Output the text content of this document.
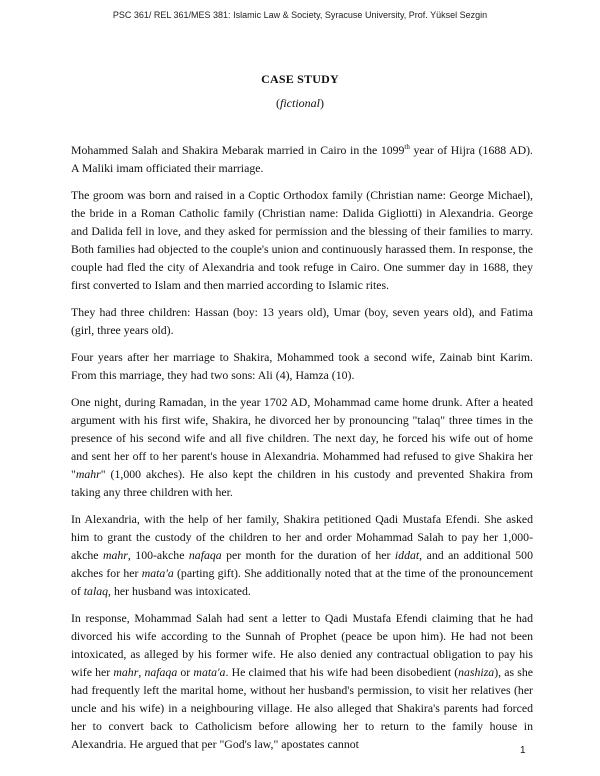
PSC 361/ REL 361/MES 381: Islamic Law & Society, Syracuse University, Prof. Yüksel Sezgin
CASE STUDY
(fictional)

Mohammed Salah and Shakira Mebarak married in Cairo in the 1099th year of Hijra (1688 AD). A Maliki imam officiated their marriage.

The groom was born and raised in a Coptic Orthodox family (Christian name: George Michael), the bride in a Roman Catholic family (Christian name: Dalida Gigliotti) in Alexandria. George and Dalida fell in love, and they asked for permission and the blessing of their families to marry. Both families had objected to the couple's union and continuously harassed them. In response, the couple had fled the city of Alexandria and took refuge in Cairo. One summer day in 1688, they first converted to Islam and then married according to Islamic rites.

They had three children: Hassan (boy: 13 years old), Umar (boy, seven years old), and Fatima (girl, three years old).

Four years after her marriage to Shakira, Mohammed took a second wife, Zainab bint Karim. From this marriage, they had two sons: Ali (4), Hamza (10).

One night, during Ramadan, in the year 1702 AD, Mohammad came home drunk. After a heated argument with his first wife, Shakira, he divorced her by pronouncing "talaq" three times in the presence of his second wife and all five children. The next day, he forced his wife out of home and sent her off to her parent's house in Alexandria. Mohammed had refused to give Shakira her "mahr" (1,000 akches). He also kept the children in his custody and prevented Shakira from taking any three children with her.

In Alexandria, with the help of her family, Shakira petitioned Qadi Mustafa Efendi. She asked him to grant the custody of the children to her and order Mohammad Salah to pay her 1,000-akche mahr, 100-akche nafaqa per month for the duration of her iddat, and an additional 500 akches for her mata'a (parting gift). She additionally noted that at the time of the pronouncement of talaq, her husband was intoxicated.

In response, Mohammad Salah had sent a letter to Qadi Mustafa Efendi claiming that he had divorced his wife according to the Sunnah of Prophet (peace be upon him). He had not been intoxicated, as alleged by his former wife. He also denied any contractual obligation to pay his wife her mahr, nafaqa or mata'a. He claimed that his wife had been disobedient (nashiza), as she had frequently left the marital home, without her husband's permission, to visit her relatives (her uncle and his wife) in a neighbouring village. He also alleged that Shakira's parents had forced her to convert back to Catholicism before allowing her to return to the family house in Alexandria. He argued that per "God's law," apostates cannot	1
